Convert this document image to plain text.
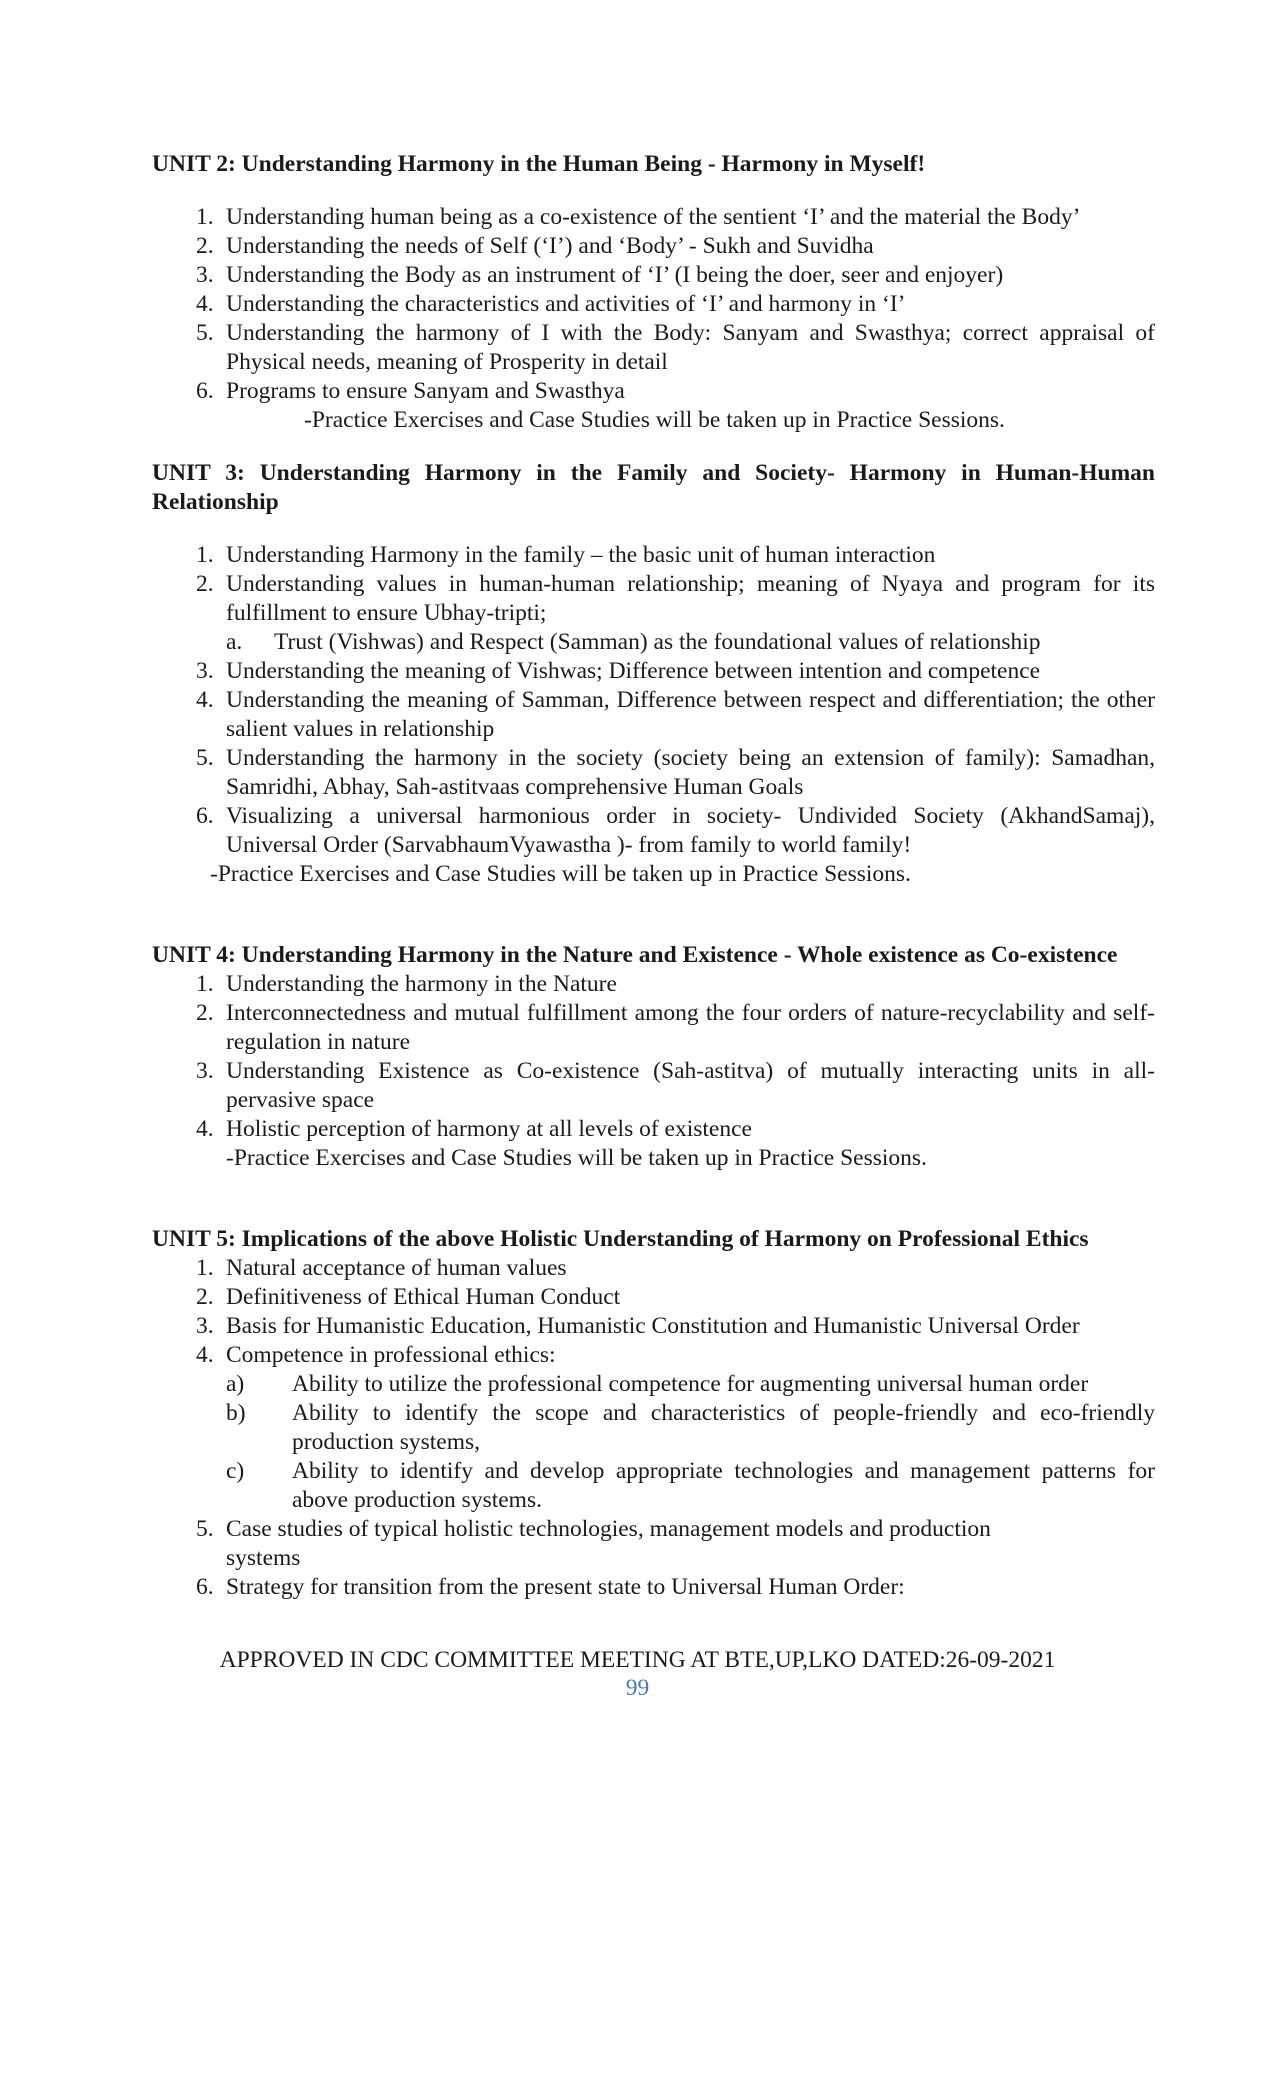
UNIT 2: Understanding Harmony in the Human Being - Harmony in Myself!

1. Understanding human being as a co-existence of the sentient ‘I’ and the material the Body’
2. Understanding the needs of Self (‘I’) and ‘Body’ - Sukh and Suvidha
3. Understanding the Body as an instrument of ‘I’ (I being the doer, seer and enjoyer)
4. Understanding the characteristics and activities of ‘I’ and harmony in ‘I’
5. Understanding the harmony of I with the Body: Sanyam and Swasthya; correct appraisal of Physical needs, meaning of Prosperity in detail
6. Programs to ensure Sanyam and Swasthya
-Practice Exercises and Case Studies will be taken up in Practice Sessions.

UNIT 3: Understanding Harmony in the Family and Society- Harmony in Human-Human Relationship

1. Understanding Harmony in the family – the basic unit of human interaction
2. Understanding values in human-human relationship; meaning of Nyaya and program for its fulfillment to ensure Ubhay-tripti;
a.	Trust (Vishwas) and Respect (Samman) as the foundational values of relationship
3. Understanding the meaning of Vishwas; Difference between intention and competence
4. Understanding the meaning of Samman, Difference between respect and differentiation; the other salient values in relationship
5. Understanding the harmony in the society (society being an extension of family): Samadhan, Samridhi, Abhay, Sah-astitvaas comprehensive Human Goals
6. Visualizing a universal harmonious order in society- Undivided Society (AkhandSamaj), Universal Order (SarvabhaumVyawastha )- from family to world family!
-Practice Exercises and Case Studies will be taken up in Practice Sessions.

UNIT 4: Understanding Harmony in the Nature and Existence - Whole existence as Co-existence

1. Understanding the harmony in the Nature
2. Interconnectedness and mutual fulfillment among the four orders of nature-recyclability and self-regulation in nature
3. Understanding Existence as Co-existence (Sah-astitva) of mutually interacting units in all-pervasive space
4. Holistic perception of harmony at all levels of existence
-Practice Exercises and Case Studies will be taken up in Practice Sessions.

UNIT 5: Implications of the above Holistic Understanding of Harmony on Professional Ethics

1. Natural acceptance of human values
2. Definitiveness of Ethical Human Conduct
3. Basis for Humanistic Education, Humanistic Constitution and Humanistic Universal Order
4. Competence in professional ethics:
a)	Ability to utilize the professional competence for augmenting universal human order
b)	Ability to identify the scope and characteristics of people-friendly and eco-friendly production systems,
c)	Ability to identify and develop appropriate technologies and management patterns for above production systems.
5. Case studies of typical holistic technologies, management models and production systems
6. Strategy for transition from the present state to Universal Human Order:
APPROVED IN CDC COMMITTEE MEETING AT BTE,UP,LKO DATED:26-09-2021
99
